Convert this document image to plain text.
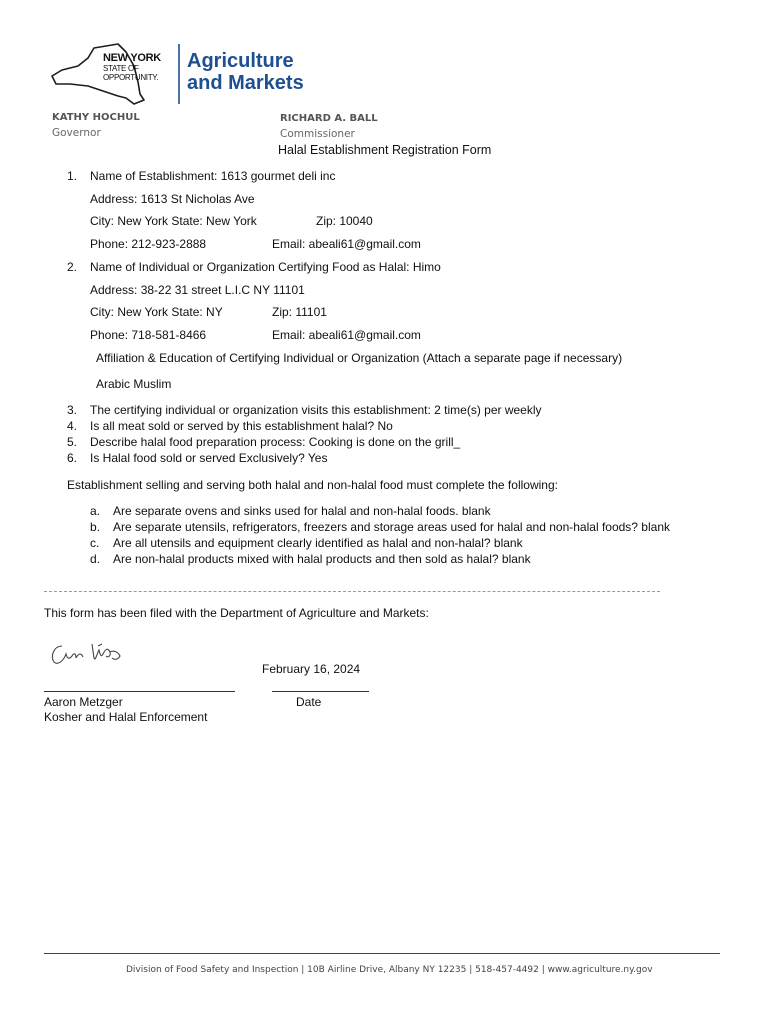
NEW YORK
STATE OF
OPPORTUNITY.
Agriculture
and Markets
KATHY HOCHUL
Governor
RICHARD A. BALL
Commissioner
Halal Establishment Registration Form
1. Name of Establishment: 1613 gourmet deli inc
Address: 1613 St Nicholas Ave
City: New York State: New York	Zip: 10040
Phone: 212-923-2888	Email: abeali61@gmail.com
2. Name of Individual or Organization Certifying Food as Halal: Himo
Address: 38-22 31 street L.I.C NY 11101
City: New York State: NY	Zip: 11101
Phone: 718-581-8466	Email: abeali61@gmail.com
Affiliation & Education of Certifying Individual or Organization (Attach a separate page if necessary)
Arabic Muslim
3. The certifying individual or organization visits this establishment: 2 time(s) per weekly
4. Is all meat sold or served by this establishment halal? No
5. Describe halal food preparation process: Cooking is done on the grill_
6. Is Halal food sold or served Exclusively? Yes
Establishment selling and serving both halal and non-halal food must complete the following:
a. Are separate ovens and sinks used for halal and non-halal foods. blank
b. Are separate utensils, refrigerators, freezers and storage areas used for halal and non-halal foods? blank
c. Are all utensils and equipment clearly identified as halal and non-halal? blank
d. Are non-halal products mixed with halal products and then sold as halal? blank
This form has been filed with the Department of Agriculture and Markets:
February 16, 2024
Aaron Metzger	Date
Kosher and Halal Enforcement
Division of Food Safety and Inspection | 10B Airline Drive, Albany NY 12235 | 518-457-4492 | www.agriculture.ny.gov
